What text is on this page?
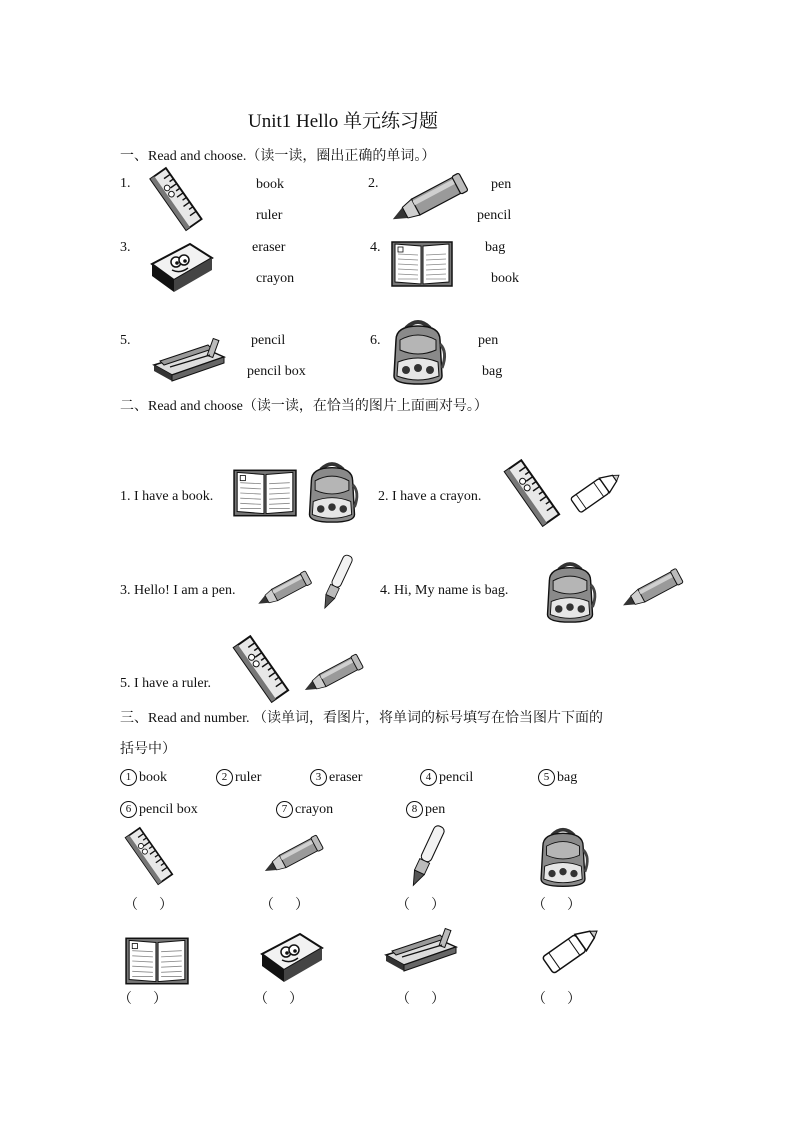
Unit1 Hello 单元练习题
一、Read and choose.（读一读，圈出正确的单词。）
1.	book
ruler
2.	pen
pencil
3.	eraser
crayon
4.	bag
book
5.	pencil
pencil box
6.	pen
bag
二、Read and choose（读一读，在恰当的图片上面画对号。）
1. I have a book.	2. I have a crayon.
3. Hello! I am a pen.	4. Hi, My name is bag.
5. I have a ruler.
三、Read and number. （读单词，看图片，将单词的标号填写在恰当图片下面的
括号中）
1 book	2 ruler	3 eraser	4 pencil	5 bag
6 pencil box	7 crayon	8 pen
（      ）	（      ）	（      ）	（      ）
（      ）	（      ）	（      ）	（      ）
